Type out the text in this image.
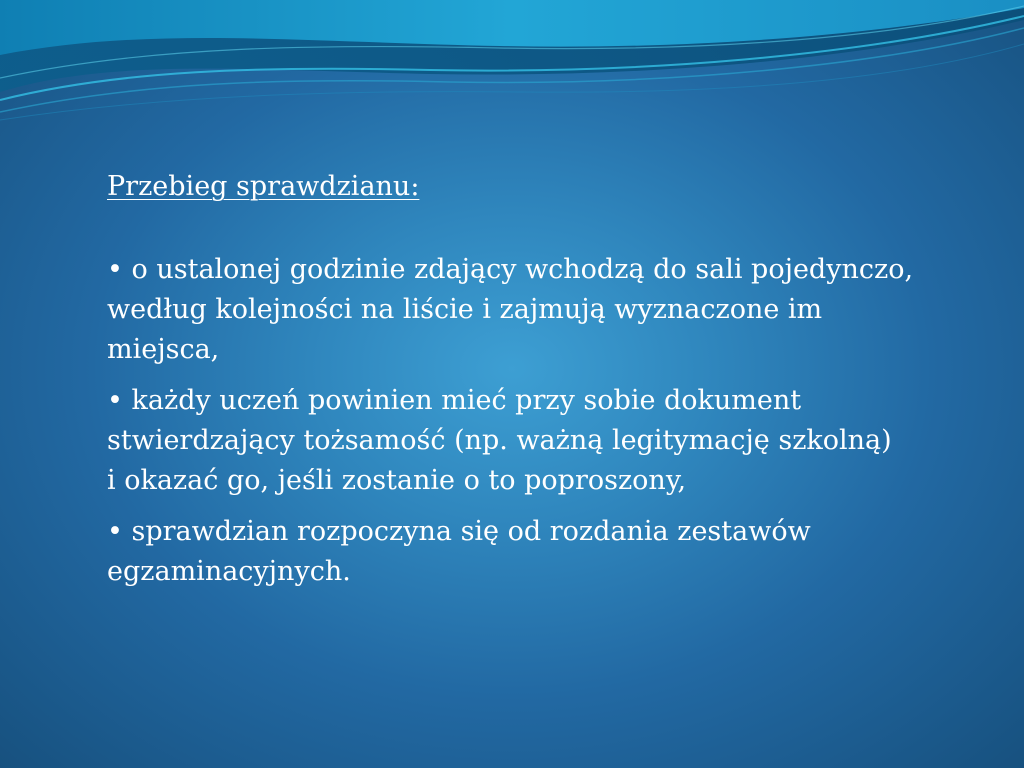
Przebieg sprawdzianu:
• o ustalonej godzinie zdający wchodzą do sali pojedynczo,
według kolejności na liście i zajmują wyznaczone im
miejsca,
• każdy uczeń powinien mieć przy sobie dokument
stwierdzający tożsamość (np. ważną legitymację szkolną)
i okazać go, jeśli zostanie o to poproszony,
• sprawdzian rozpoczyna się od rozdania zestawów
egzaminacyjnych.
